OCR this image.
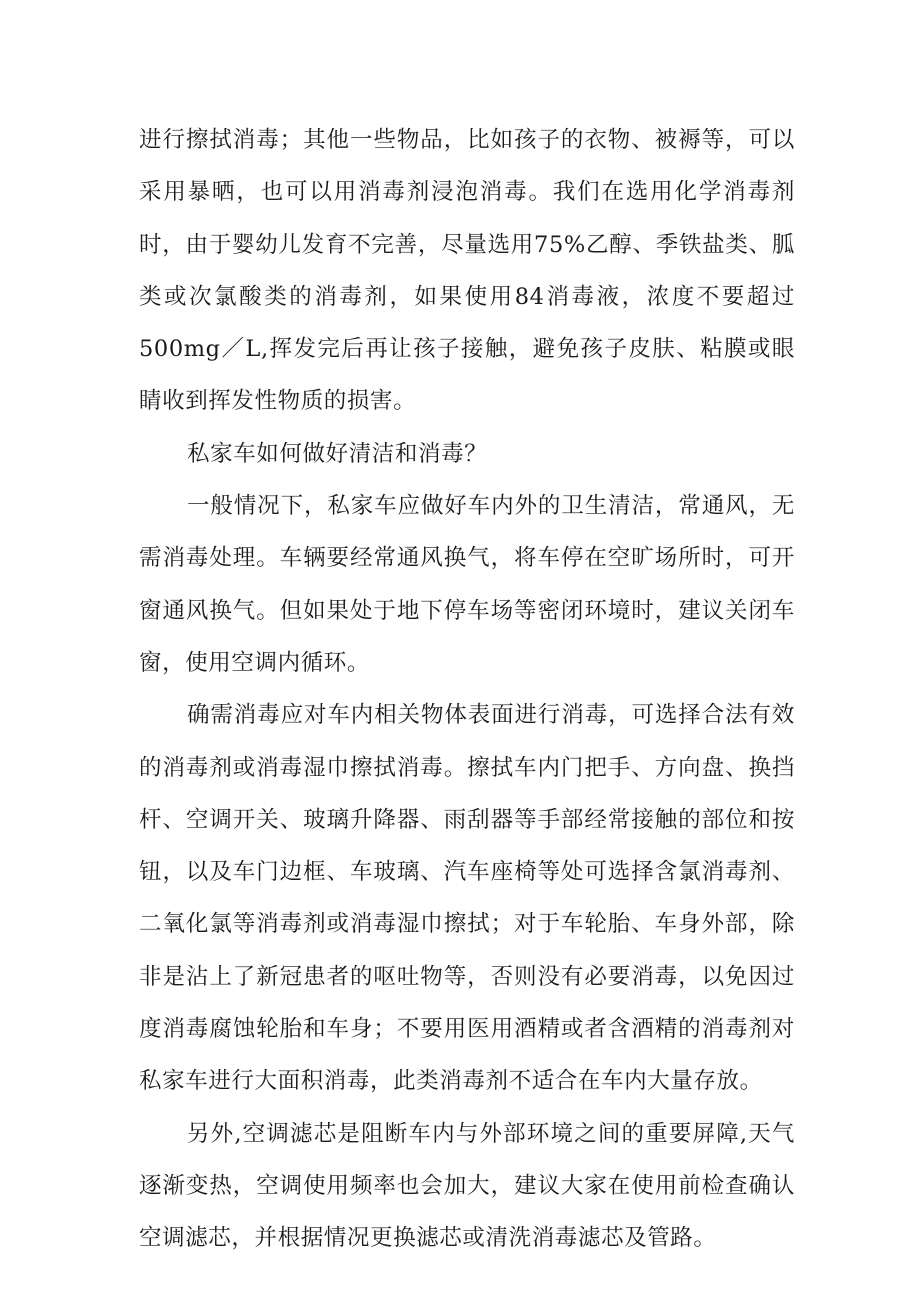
进行擦拭消毒；其他一些物品，比如孩子的衣物、被褥等，可以采用暴晒，也可以用消毒剂浸泡消毒。我们在选用化学消毒剂时，由于婴幼儿发育不完善，尽量选用75%乙醇、季铁盐类、胍类或次氯酸类的消毒剂，如果使用84消毒液，浓度不要超过500mg／L,挥发完后再让孩子接触，避免孩子皮肤、粘膜或眼睛收到挥发性物质的损害。

私家车如何做好清洁和消毒？

一般情况下，私家车应做好车内外的卫生清洁，常通风，无需消毒处理。车辆要经常通风换气，将车停在空旷场所时，可开窗通风换气。但如果处于地下停车场等密闭环境时，建议关闭车窗，使用空调内循环。

确需消毒应对车内相关物体表面进行消毒，可选择合法有效的消毒剂或消毒湿巾擦拭消毒。擦拭车内门把手、方向盘、换挡杆、空调开关、玻璃升降器、雨刮器等手部经常接触的部位和按钮，以及车门边框、车玻璃、汽车座椅等处可选择含氯消毒剂、二氧化氯等消毒剂或消毒湿巾擦拭；对于车轮胎、车身外部，除非是沾上了新冠患者的呕吐物等，否则没有必要消毒，以免因过度消毒腐蚀轮胎和车身；不要用医用酒精或者含酒精的消毒剂对私家车进行大面积消毒，此类消毒剂不适合在车内大量存放。

另外,空调滤芯是阻断车内与外部环境之间的重要屏障,天气逐渐变热，空调使用频率也会加大，建议大家在使用前检查确认空调滤芯，并根据情况更换滤芯或清洗消毒滤芯及管路。
